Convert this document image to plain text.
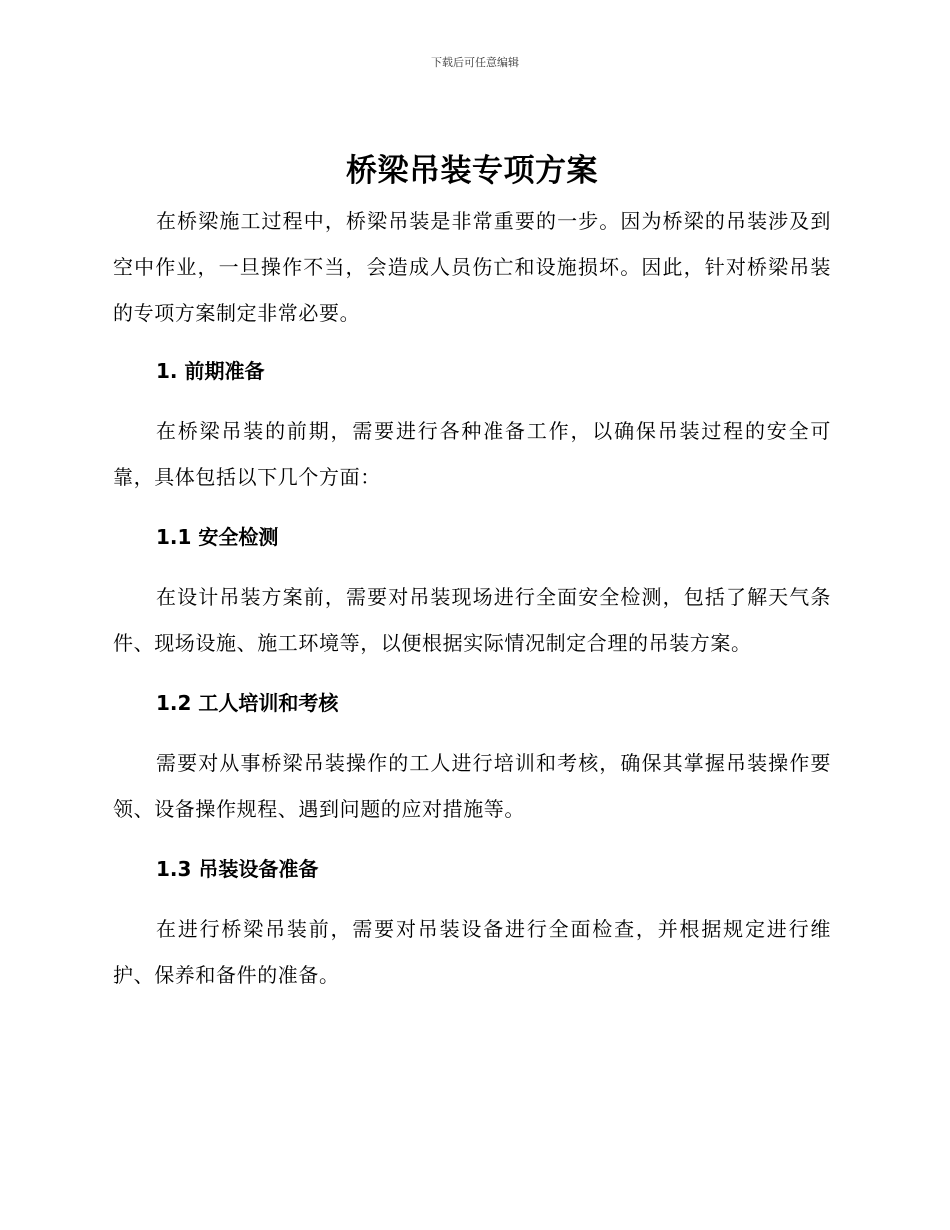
下载后可任意编辑
桥梁吊装专项方案

在桥梁施工过程中，桥梁吊装是非常重要的一步。因为桥梁的吊装涉及到空中作业，一旦操作不当，会造成人员伤亡和设施损坏。因此，针对桥梁吊装的专项方案制定非常必要。

1. 前期准备

在桥梁吊装的前期，需要进行各种准备工作，以确保吊装过程的安全可靠，具体包括以下几个方面：

1.1 安全检测

在设计吊装方案前，需要对吊装现场进行全面安全检测，包括了解天气条件、现场设施、施工环境等，以便根据实际情况制定合理的吊装方案。

1.2 工人培训和考核

需要对从事桥梁吊装操作的工人进行培训和考核，确保其掌握吊装操作要领、设备操作规程、遇到问题的应对措施等。

1.3 吊装设备准备

在进行桥梁吊装前，需要对吊装设备进行全面检查，并根据规定进行维护、保养和备件的准备。
